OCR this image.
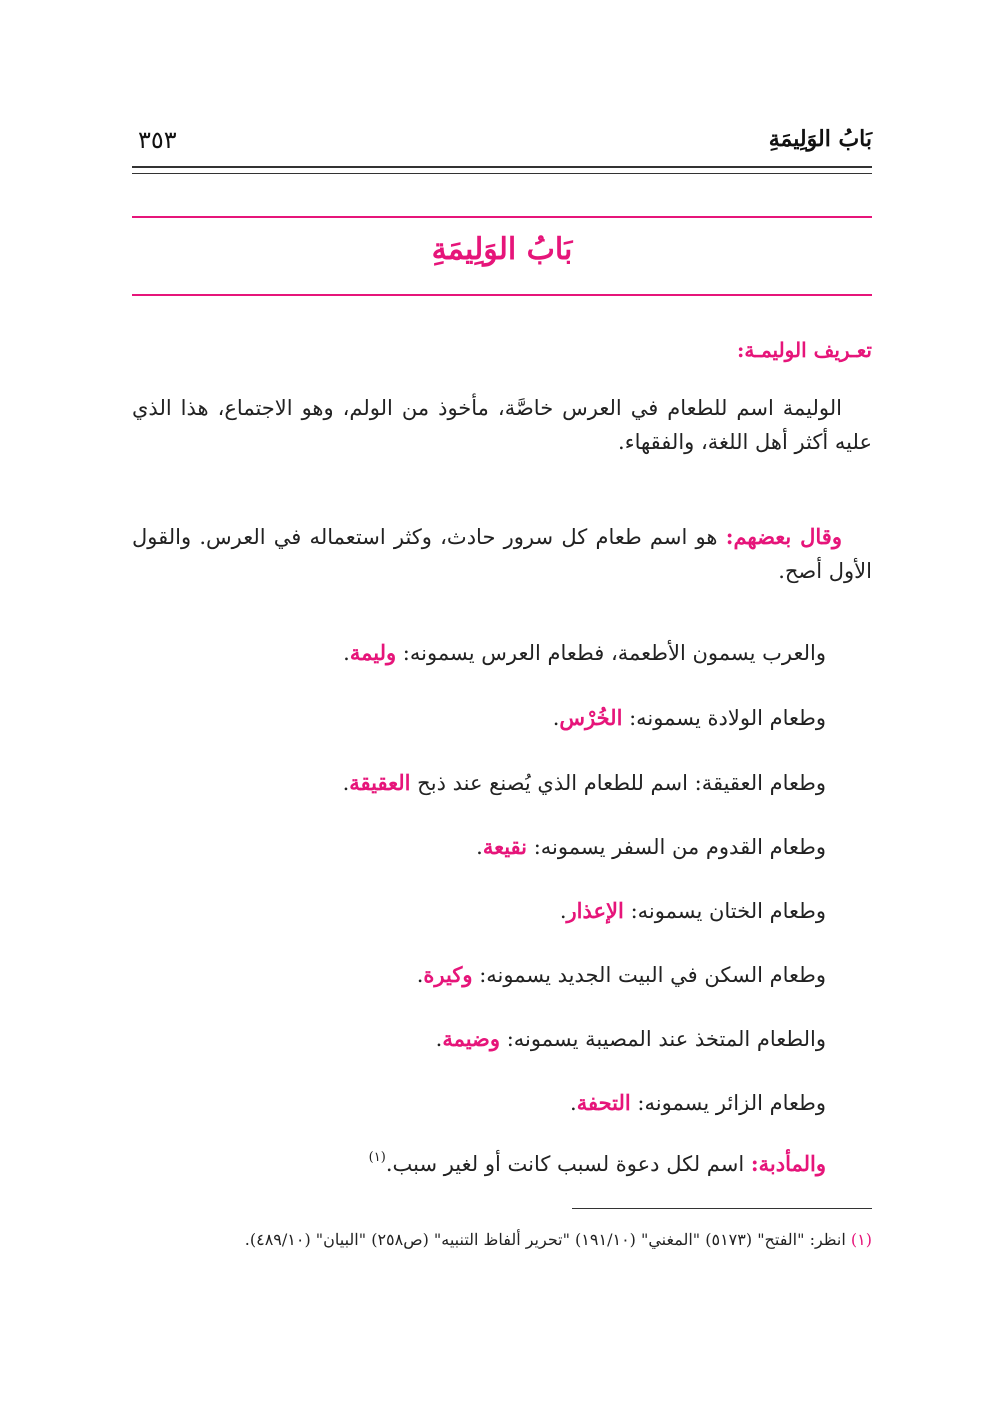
بَابُ الوَلِيمَةِ
٣٥٣
بَابُ الوَلِيمَةِ
تعـريف الوليمـة:
الوليمة اسم للطعام في العرس خاصَّة، مأخوذ من الولم، وهو الاجتماع، هذا الذي عليه أكثر أهل اللغة، والفقهاء.
وقال بعضهم: هو اسم طعام كل سرور حادث، وكثر استعماله في العرس. والقول الأول أصح.
والعرب يسمون الأطعمة، فطعام العرس يسمونه: وليمة.
وطعام الولادة يسمونه: الخُرْس.
وطعام العقيقة: اسم للطعام الذي يُصنع عند ذبح العقيقة.
وطعام القدوم من السفر يسمونه: نقيعة.
وطعام الختان يسمونه: الإعذار.
وطعام السكن في البيت الجديد يسمونه: وكيرة.
والطعام المتخذ عند المصيبة يسمونه: وضيمة.
وطعام الزائر يسمونه: التحفة.
والمأدبة: اسم لكل دعوة لسبب كانت أو لغير سبب.$^{(١)}$
(١) انظر: "الفتح" (٥١٧٣) "المغني" (١٩١/١٠) "تحرير ألفاظ التنبيه" (ص٢٥٨) "البيان" (٤٨٩/١٠).
